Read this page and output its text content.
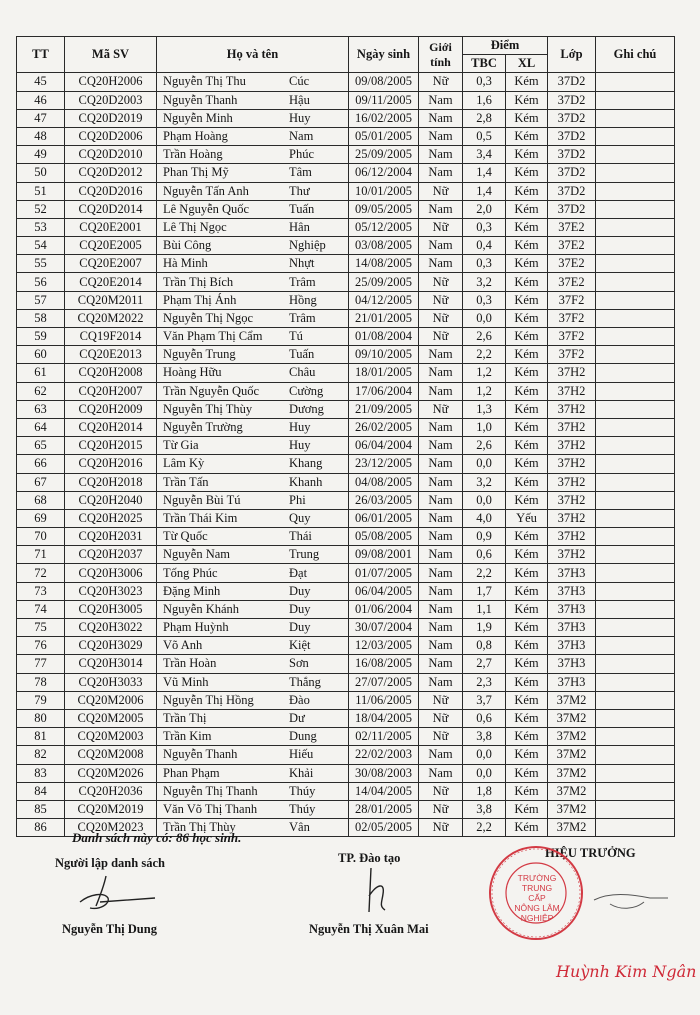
TT	Mã SV	Họ và tên	Ngày sinh	Giới tính	Điểm		Lớp	Ghi chú
					TBC	XL		
45	CQ20H2006	Nguyễn Thị Thu Cúc	09/08/2005	Nữ	0,3	Kém	37D2	
46	CQ20D2003	Nguyễn Thanh Hậu	09/11/2005	Nam	1,6	Kém	37D2	
47	CQ20D2019	Nguyễn Minh Huy	16/02/2005	Nam	2,8	Kém	37D2	
48	CQ20D2006	Phạm Hoàng Nam	05/01/2005	Nam	0,5	Kém	37D2	
49	CQ20D2010	Trần Hoàng Phúc	25/09/2005	Nam	3,4	Kém	37D2	
50	CQ20D2012	Phan Thị Mỹ Tâm	06/12/2004	Nam	1,4	Kém	37D2	
51	CQ20D2016	Nguyễn Tấn Anh Thư	10/01/2005	Nữ	1,4	Kém	37D2	
52	CQ20D2014	Lê Nguyễn Quốc Tuấn	09/05/2005	Nam	2,0	Kém	37D2	
53	CQ20E2001	Lê Thị Ngọc Hân	05/12/2005	Nữ	0,3	Kém	37E2	
54	CQ20E2005	Bùi Công Nghiệp	03/08/2005	Nam	0,4	Kém	37E2	
55	CQ20E2007	Hà Minh Nhựt	14/08/2005	Nam	0,3	Kém	37E2	
56	CQ20E2014	Trần Thị Bích Trâm	25/09/2005	Nữ	3,2	Kém	37E2	
57	CQ20M2011	Phạm Thị Ánh Hồng	04/12/2005	Nữ	0,3	Kém	37F2	
58	CQ20M2022	Nguyễn Thị Ngọc Trâm	21/01/2005	Nữ	0,0	Kém	37F2	
59	CQ19F2014	Văn Phạm Thị Cẩm Tú	01/08/2004	Nữ	2,6	Kém	37F2	
60	CQ20E2013	Nguyễn Trung Tuấn	09/10/2005	Nam	2,2	Kém	37F2	
61	CQ20H2008	Hoàng Hữu Châu	18/01/2005	Nam	1,2	Kém	37H2	
62	CQ20H2007	Trần Nguyễn Quốc Cường	17/06/2004	Nam	1,2	Kém	37H2	
63	CQ20H2009	Nguyễn Thị Thùy Dương	21/09/2005	Nữ	1,3	Kém	37H2	
64	CQ20H2014	Nguyễn Trường Huy	26/02/2005	Nam	1,0	Kém	37H2	
65	CQ20H2015	Từ Gia Huy	06/04/2004	Nam	2,6	Kém	37H2	
66	CQ20H2016	Lâm Kỳ Khang	23/12/2005	Nam	0,0	Kém	37H2	
67	CQ20H2018	Trần Tấn Khanh	04/08/2005	Nam	3,2	Kém	37H2	
68	CQ20H2040	Nguyễn Bùi Tú Phi	26/03/2005	Nam	0,0	Kém	37H2	
69	CQ20H2025	Trần Thái Kim Quy	06/01/2005	Nam	4,0	Yếu	37H2	
70	CQ20H2031	Từ Quốc Thái	05/08/2005	Nam	0,9	Kém	37H2	
71	CQ20H2037	Nguyễn Nam Trung	09/08/2001	Nam	0,6	Kém	37H2	
72	CQ20H3006	Tống Phúc Đạt	01/07/2005	Nam	2,2	Kém	37H3	
73	CQ20H3023	Đặng Minh Duy	06/04/2005	Nam	1,7	Kém	37H3	
74	CQ20H3005	Nguyễn Khánh Duy	01/06/2004	Nam	1,1	Kém	37H3	
75	CQ20H3022	Phạm Huỳnh Duy	30/07/2004	Nam	1,9	Kém	37H3	
76	CQ20H3029	Võ Anh Kiệt	12/03/2005	Nam	0,8	Kém	37H3	
77	CQ20H3014	Trần Hoàn Sơn	16/08/2005	Nam	2,7	Kém	37H3	
78	CQ20H3033	Vũ Minh Thắng	27/07/2005	Nam	2,3	Kém	37H3	
79	CQ20M2006	Nguyễn Thị Hồng Đào	11/06/2005	Nữ	3,7	Kém	37M2	
80	CQ20M2005	Trần Thị Dư	18/04/2005	Nữ	0,6	Kém	37M2	
81	CQ20M2003	Trần Kim Dung	02/11/2005	Nữ	3,8	Kém	37M2	
82	CQ20M2008	Nguyễn Thanh Hiếu	22/02/2003	Nam	0,0	Kém	37M2	
83	CQ20M2026	Phan Phạm Khải	30/08/2003	Nam	0,0	Kém	37M2	
84	CQ20H2036	Nguyễn Thị Thanh Thúy	14/04/2005	Nữ	1,8	Kém	37M2	
85	CQ20M2019	Văn Võ Thị Thanh Thúy	28/01/2005	Nữ	3,8	Kém	37M2	
86	CQ20M2023	Trần Thị Thùy Vân	02/05/2005	Nữ	2,2	Kém	37M2	
Danh sách này có: 86 học sinh.
Người lập danh sách
Nguyễn Thị Dung
TP. Đào tạo
Nguyễn Thị Xuân Mai
HIỆU TRƯỞNG
TRƯỜNG
TRUNG CẤP
NÔNG LÂM
NGHIỆP
Huỳnh Kim Ngân
